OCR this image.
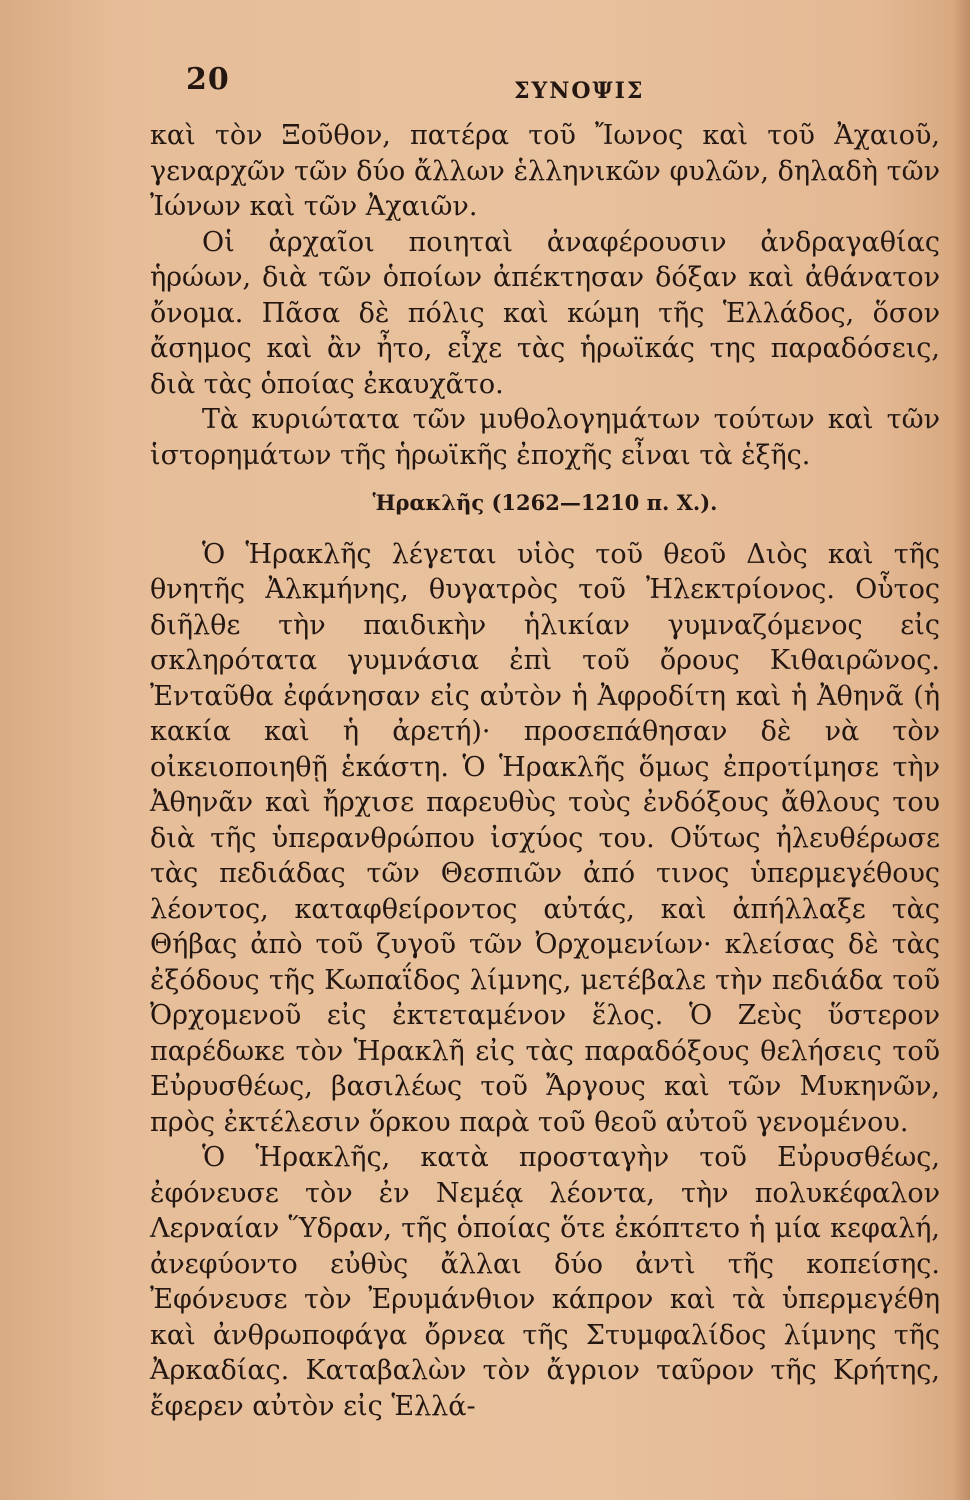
20	ΣΥΝΟΨΙΣ

καὶ τὸν Ξοῦθον, πατέρα τοῦ Ἴωνος καὶ τοῦ Ἀχαιοῦ, γεναρχῶν τῶν δύο ἄλλων ἑλληνικῶν φυλῶν, δηλαδὴ τῶν Ἰώνων καὶ τῶν Ἀχαιῶν.

Οἱ ἀρχαῖοι ποιηταὶ ἀναφέρουσιν ἀνδραγαθίας ἡρώων, διὰ τῶν ὁποίων ἀπέκτησαν δόξαν καὶ ἀθάνατον ὄνομα. Πᾶσα δὲ πόλις καὶ κώμη τῆς Ἑλλάδος, ὅσον ἄσημος καὶ ἂν ἦτο, εἶχε τὰς ἡρωϊκάς της παραδόσεις, διὰ τὰς ὁποίας ἐκαυχᾶτο.

Τὰ κυριώτατα τῶν μυθολογημάτων τούτων καὶ τῶν ἱστορημάτων τῆς ἡρωϊκῆς ἐποχῆς εἶναι τὰ ἑξῆς.

Ἡρακλῆς (1262—1210 π. Χ.).

Ὁ Ἡρακλῆς λέγεται υἱὸς τοῦ θεοῦ Διὸς καὶ τῆς θνητῆς Ἀλκμήνης, θυγατρὸς τοῦ Ἠλεκτρίονος. Οὗτος διῆλθε τὴν παιδικὴν ἡλικίαν γυμναζόμενος εἰς σκληρότατα γυμνάσια ἐπὶ τοῦ ὄρους Κιθαιρῶνος. Ἐνταῦθα ἐφάνησαν εἰς αὐτὸν ἡ Ἀφροδίτη καὶ ἡ Ἀθηνᾶ (ἡ κακία καὶ ἡ ἀρετή)· προσεπάθησαν δὲ νὰ τὸν οἰκειοποιηθῇ ἑκάστη. Ὁ Ἡρακλῆς ὅμως ἐπροτίμησε τὴν Ἀθηνᾶν καὶ ἤρχισε παρευθὺς τοὺς ἐνδόξους ἄθλους του διὰ τῆς ὑπερανθρώπου ἰσχύος του. Οὕτως ἠλευθέρωσε τὰς πεδιάδας τῶν Θεσπιῶν ἀπό τινος ὑπερμεγέθους λέοντος, καταφθείροντος αὐτάς, καὶ ἀπήλλαξε τὰς Θήβας ἀπὸ τοῦ ζυγοῦ τῶν Ὀρχομενίων· κλείσας δὲ τὰς ἐξόδους τῆς Κωπαΐδος λίμνης, μετέβαλε τὴν πεδιάδα τοῦ Ὀρχομενοῦ εἰς ἐκτεταμένον ἕλος. Ὁ Ζεὺς ὕστερον παρέδωκε τὸν Ἡρακλῆ εἰς τὰς παραδόξους θελήσεις τοῦ Εὐρυσθέως, βασιλέως τοῦ Ἄργους καὶ τῶν Μυκηνῶν, πρὸς ἐκτέλεσιν ὅρκου παρὰ τοῦ θεοῦ αὐτοῦ γενομένου.

Ὁ Ἡρακλῆς, κατὰ προσταγὴν τοῦ Εὐρυσθέως, ἐφόνευσε τὸν ἐν Νεμέᾳ λέοντα, τὴν πολυκέφαλον Λερναίαν Ὕδραν, τῆς ὁποίας ὅτε ἐκόπτετο ἡ μία κεφαλή, ἀνεφύοντο εὐθὺς ἄλλαι δύο ἀντὶ τῆς κοπείσης. Ἐφόνευσε τὸν Ἐρυμάνθιον κάπρον καὶ τὰ ὑπερμεγέθη καὶ ἀνθρωποφάγα ὄρνεα τῆς Στυμφαλίδος λίμνης τῆς Ἀρκαδίας. Καταβαλὼν τὸν ἄγριον ταῦρον τῆς Κρήτης, ἔφερεν αὐτὸν εἰς Ἑλλά-
